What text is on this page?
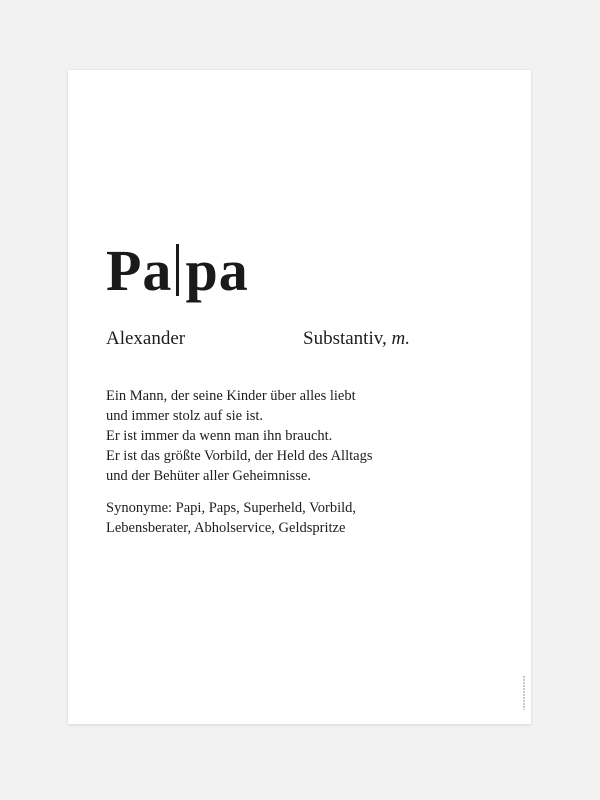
Pa pa
Alexander	Substantiv, m.
Ein Mann, der seine Kinder über alles liebt
und immer stolz auf sie ist.
Er ist immer da wenn man ihn braucht.
Er ist das größte Vorbild, der Held des Alltags
und der Behüter aller Geheimnisse.
Synonyme: Papi, Paps, Superheld, Vorbild,
Lebensberater, Abholservice, Geldspritze
